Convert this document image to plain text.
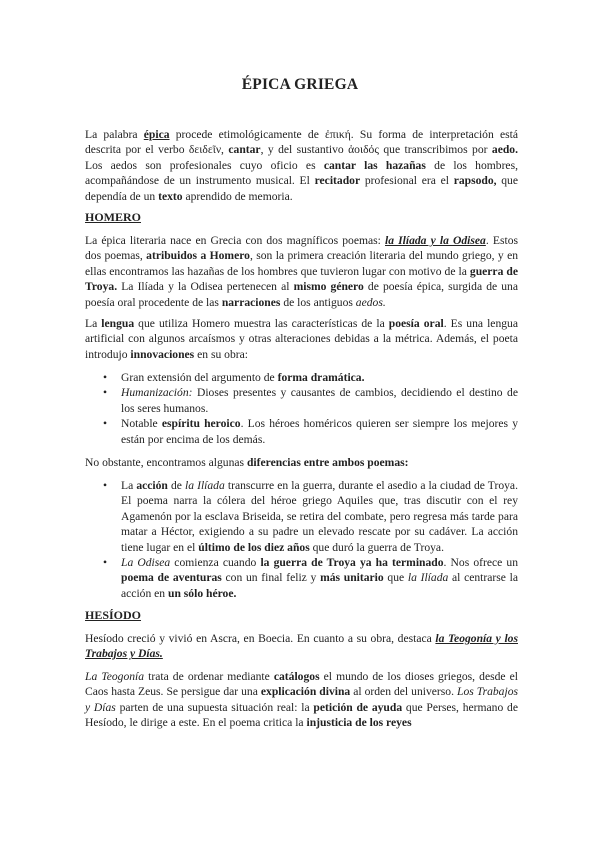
ÉPICA GRIEGA
La palabra épica procede etimológicamente de ἐπική. Su forma de interpretación está descrita por el verbo δειδεῖν, cantar, y del sustantivo ἀοιδός que transcribimos por aedo. Los aedos son profesionales cuyo oficio es cantar las hazañas de los hombres, acompañándose de un instrumento musical. El recitador profesional era el rapsodo, que dependía de un texto aprendido de memoria.
HOMERO
La épica literaria nace en Grecia con dos magníficos poemas: la Ilíada y la Odisea. Estos dos poemas, atribuidos a Homero, son la primera creación literaria del mundo griego, y en ellas encontramos las hazañas de los hombres que tuvieron lugar con motivo de la guerra de Troya. La Ilíada y la Odisea pertenecen al mismo género de poesía épica, surgida de una poesía oral procedente de las narraciones de los antiguos aedos.
La lengua que utiliza Homero muestra las características de la poesía oral. Es una lengua artificial con algunos arcaísmos y otras alteraciones debidas a la métrica. Además, el poeta introdujo innovaciones en su obra:
• Gran extensión del argumento de forma dramática.
• Humanización: Dioses presentes y causantes de cambios, decidiendo el destino de los seres humanos.
• Notable espíritu heroico. Los héroes homéricos quieren ser siempre los mejores y están por encima de los demás.
No obstante, encontramos algunas diferencias entre ambos poemas:
• La acción de la Ilíada transcurre en la guerra, durante el asedio a la ciudad de Troya. El poema narra la cólera del héroe griego Aquiles que, tras discutir con el rey Agamenón por la esclava Briseida, se retira del combate, pero regresa más tarde para matar a Héctor, exigiendo a su padre un elevado rescate por su cadáver. La acción tiene lugar en el último de los diez años que duró la guerra de Troya.
• La Odisea comienza cuando la guerra de Troya ya ha terminado. Nos ofrece un poema de aventuras con un final feliz y más unitario que la Ilíada al centrarse la acción en un sólo héroe.
HESÍODO
Hesíodo creció y vivió en Ascra, en Boecia. En cuanto a su obra, destaca la Teogonía y los Trabajos y Días.
La Teogonía trata de ordenar mediante catálogos el mundo de los dioses griegos, desde el Caos hasta Zeus. Se persigue dar una explicación divina al orden del universo. Los Trabajos y Días parten de una supuesta situación real: la petición de ayuda que Perses, hermano de Hesíodo, le dirige a este. En el poema critica la injusticia de los reyes
